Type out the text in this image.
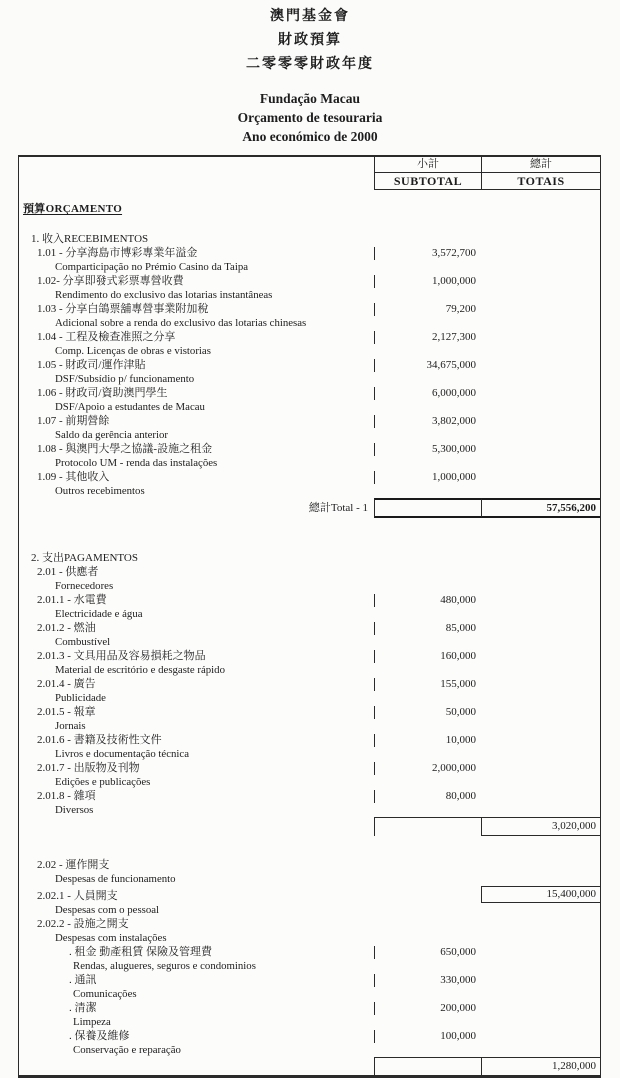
澳門基金會
財政預算
二零零零財政年度
Fundação Macau
Orçamento de tesouraria
Ano económico de 2000
小計	總計
SUBTOTAL	TOTAIS
預算ORÇAMENTO
1. 收入RECEBIMENTOS
1.01 - 分享海島市博彩專業年溢金	3,572,700
Comparticipação no Prémio Casino da Taipa
1.02- 分享即發式彩票專營收費	1,000,000
Rendimento do exclusivo das lotarias instantâneas
1.03 - 分享白鴿票舖專營事業附加稅	79,200
Adicional sobre a renda do exclusivo das lotarias chinesas
1.04 - 工程及檢查准照之分享	2,127,300
Comp. Licenças de obras e vistorias
1.05 - 財政司/運作津貼	34,675,000
DSF/Subsídio p/ funcionamento
1.06 - 財政司/資助澳門學生	6,000,000
DSF/Apoio a estudantes de Macau
1.07 - 前期營餘	3,802,000
Saldo da gerência anterior
1.08 - 與澳門大學之協議-設施之租金	5,300,000
Protocolo UM - renda das instalações
1.09 - 其他收入	1,000,000
Outros recebimentos
總計Total - 1	57,556,200
2. 支出PAGAMENTOS
2.01 - 供應者
Fornecedores
2.01.1 - 水電費	480,000
Electricidade e água
2.01.2 - 燃油	85,000
Combustível
2.01.3 - 文具用品及容易損耗之物品	160,000
Material de escritório e desgaste rápido
2.01.4 - 廣告	155,000
Publicidade
2.01.5 - 報章	50,000
Jornais
2.01.6 - 書籍及技術性文件	10,000
Livros e documentação técnica
2.01.7 - 出版物及刊物	2,000,000
Edições e publicações
2.01.8 - 雜項	80,000
Diversos
3,020,000
2.02 - 運作開支
Despesas de funcionamento
2.02.1 - 人員開支	15,400,000
Despesas com o pessoal
2.02.2 - 設施之開支
Despesas com instalações
. 租金 動產租賃 保險及管理費	650,000
Rendas, alugueres, seguros e condominios
. 通訊	330,000
Comunicações
. 清潔	200,000
Limpeza
. 保養及維修	100,000
Conservação e reparação
1,280,000
